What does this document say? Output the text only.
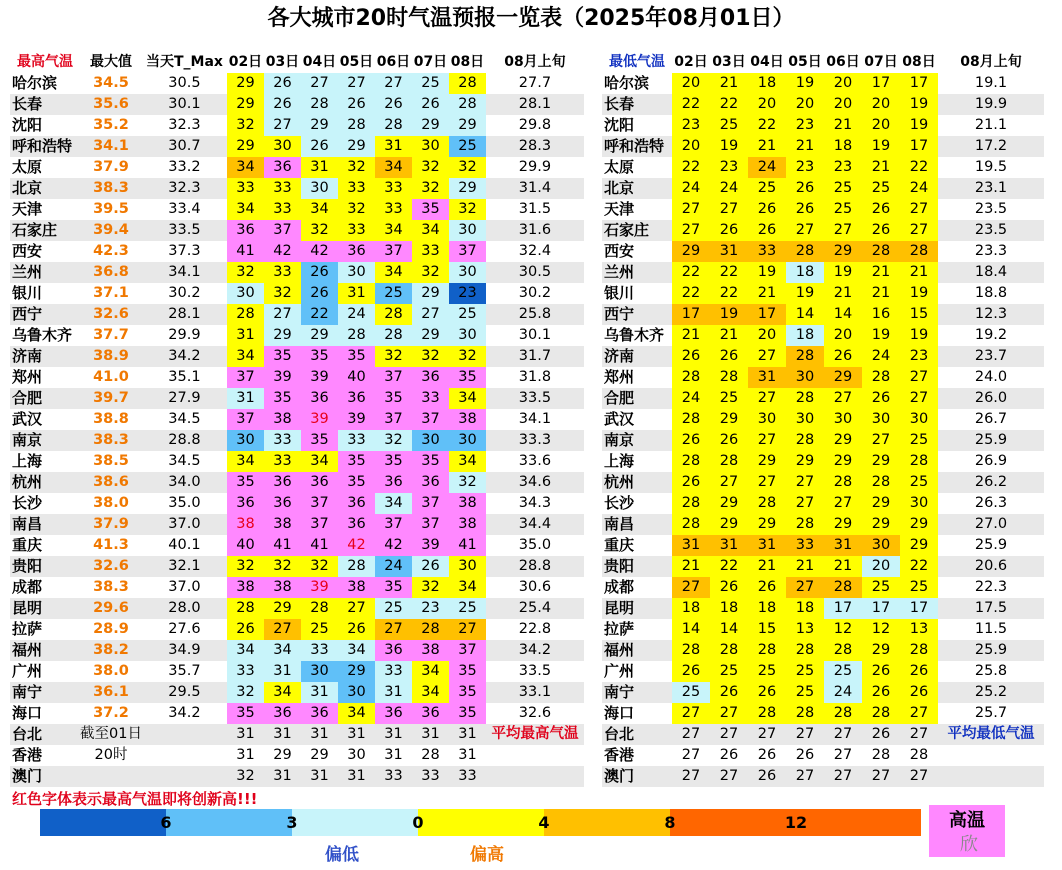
各大城市20时气温预报一览表（2025年08月01日）
最高气温	最大值	当天T_Max	02日	03日	04日	05日	06日	07日	08日	08月上旬
哈尔滨	34.5	30.5	29	26	27	27	27	25	28	27.7
长春	35.6	30.1	29	26	28	26	26	26	28	28.1
沈阳	35.2	32.3	32	27	29	28	28	29	29	29.8
呼和浩特	34.1	30.7	29	30	26	29	31	30	25	28.3
太原	37.9	33.2	34	36	31	32	34	32	32	29.9
北京	38.3	32.3	33	33	30	33	33	32	29	31.4
天津	39.5	33.4	34	33	34	32	33	35	32	31.5
石家庄	39.4	33.5	36	37	32	33	34	34	30	31.6
西安	42.3	37.3	41	42	42	36	37	33	37	32.4
兰州	36.8	34.1	32	33	26	30	34	32	30	30.5
银川	37.1	30.2	30	32	26	31	25	29	23	30.2
西宁	32.6	28.1	28	27	22	24	28	27	25	25.8
乌鲁木齐	37.7	29.9	31	29	29	28	28	29	30	30.1
济南	38.9	34.2	34	35	35	35	32	32	32	31.7
郑州	41.0	35.1	37	39	39	40	37	36	35	31.8
合肥	39.7	27.9	31	35	36	36	35	33	34	33.5
武汉	38.8	34.5	37	38	39	39	37	37	38	34.1
南京	38.3	28.8	30	33	35	33	32	30	30	33.3
上海	38.5	34.5	34	33	34	35	35	35	34	33.6
杭州	38.6	34.0	35	36	36	35	36	36	32	34.6
长沙	38.0	35.0	36	36	37	36	34	37	38	34.3
南昌	37.9	37.0	38	38	37	36	37	37	38	34.4
重庆	41.3	40.1	40	41	41	42	42	39	41	35.0
贵阳	32.6	32.1	32	32	32	28	24	26	30	28.8
成都	38.3	37.0	38	38	39	38	35	32	34	30.6
昆明	29.6	28.0	28	29	28	27	25	23	25	25.4
拉萨	28.9	27.6	26	27	25	26	27	28	27	22.8
福州	38.2	34.9	34	34	33	34	36	38	37	34.2
广州	38.0	35.7	33	31	30	29	33	34	35	33.5
南宁	36.1	29.5	32	34	31	30	31	34	35	33.1
海口	37.2	34.2	35	36	36	34	36	36	35	32.6
台北	截至01日		31	31	31	31	31	31	31	平均最高气温
香港	20时		31	29	29	30	31	28	31	
澳门			32	31	31	31	33	33	33	
最低气温	02日	03日	04日	05日	06日	07日	08日	08月上旬
哈尔滨	20	21	18	19	20	17	17	19.1
长春	22	22	20	20	20	20	19	19.9
沈阳	23	25	22	23	21	20	19	21.1
呼和浩特	20	19	21	21	18	19	17	17.2
太原	22	23	24	23	23	21	22	19.5
北京	24	24	25	26	25	25	24	23.1
天津	27	27	26	26	25	26	27	23.5
石家庄	27	26	26	27	27	26	27	23.5
西安	29	31	33	28	29	28	28	23.3
兰州	22	22	19	18	19	21	21	18.4
银川	22	22	21	19	21	21	19	18.8
西宁	17	19	17	14	14	16	15	12.3
乌鲁木齐	21	21	20	18	20	19	19	19.2
济南	26	26	27	28	26	24	23	23.7
郑州	28	28	31	30	29	28	27	24.0
合肥	24	25	27	28	27	26	27	26.0
武汉	28	29	30	30	30	30	30	26.7
南京	26	26	27	28	29	27	25	25.9
上海	28	28	29	29	29	29	28	26.9
杭州	26	27	27	27	28	28	25	26.2
长沙	28	29	28	27	27	29	30	26.3
南昌	28	29	29	28	29	29	29	27.0
重庆	31	31	31	33	31	30	29	25.9
贵阳	21	22	21	21	21	20	22	20.6
成都	27	26	26	27	28	25	25	22.3
昆明	18	18	18	18	17	17	17	17.5
拉萨	14	14	15	13	12	12	13	11.5
福州	28	28	28	28	28	29	28	25.9
广州	26	25	25	25	25	26	26	25.8
南宁	25	26	26	25	24	26	26	25.2
海口	27	27	28	28	28	28	27	25.7
台北	27	27	27	27	27	26	27	平均最低气温
香港	27	26	26	26	27	28	28	
澳门	27	27	26	27	27	27	27	
红色字体表示最高气温即将创新高!!!
6	3	0	4	8	12	高温
偏低	偏高	欣
